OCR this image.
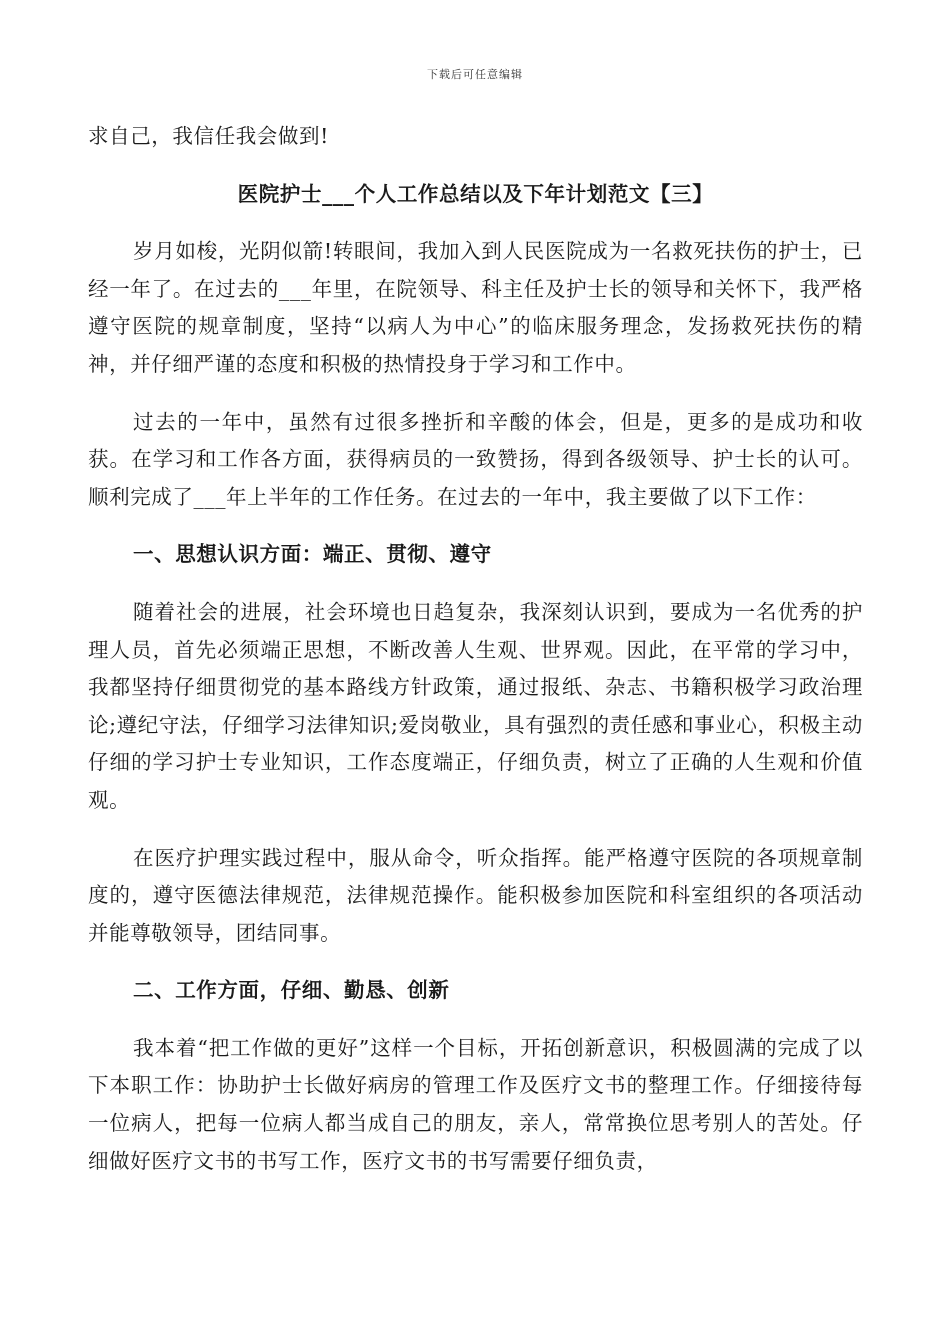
下载后可任意编辑

求自己，我信任我会做到!

医院护士___个人工作总结以及下年计划范文【三】

岁月如梭，光阴似箭!转眼间，我加入到人民医院成为一名救死扶伤的护士，已经一年了。在过去的___年里，在院领导、科主任及护士长的领导和关怀下，我严格遵守医院的规章制度，坚持“以病人为中心”的临床服务理念，发扬救死扶伤的精神，并仔细严谨的态度和积极的热情投身于学习和工作中。

过去的一年中，虽然有过很多挫折和辛酸的体会，但是，更多的是成功和收获。在学习和工作各方面，获得病员的一致赞扬，得到各级领导、护士长的认可。顺利完成了___年上半年的工作任务。在过去的一年中，我主要做了以下工作：

一、思想认识方面：端正、贯彻、遵守

随着社会的进展，社会环境也日趋复杂，我深刻认识到，要成为一名优秀的护理人员，首先必须端正思想，不断改善人生观、世界观。因此，在平常的学习中，我都坚持仔细贯彻党的基本路线方针政策，通过报纸、杂志、书籍积极学习政治理论;遵纪守法，仔细学习法律知识;爱岗敬业，具有强烈的责任感和事业心，积极主动仔细的学习护士专业知识，工作态度端正，仔细负责，树立了正确的人生观和价值观。

在医疗护理实践过程中，服从命令，听众指挥。能严格遵守医院的各项规章制度的，遵守医德法律规范，法律规范操作。能积极参加医院和科室组织的各项活动并能尊敬领导，团结同事。

二、工作方面，仔细、勤恳、创新

我本着“把工作做的更好”这样一个目标，开拓创新意识，积极圆满的完成了以下本职工作：协助护士长做好病房的管理工作及医疗文书的整理工作。仔细接待每一位病人，把每一位病人都当成自己的朋友，亲人，常常换位思考别人的苦处。仔细做好医疗文书的书写工作，医疗文书的书写需要仔细负责，
